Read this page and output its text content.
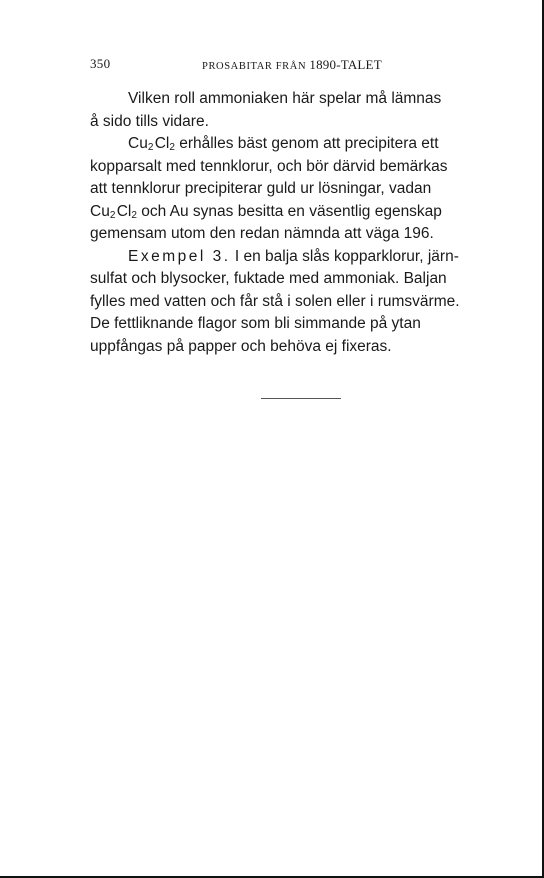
350	PROSABITAR FRÅN 1890-TALET

Vilken roll ammoniaken här spelar må lämnas
å sido tills vidare.

$Cu_2$ $Cl_2$ erhålles bäst genom att precipitera ett
kopparsalt med tennklorur, och bör därvid bemärkas
att tennklorur precipiterar guld ur lösningar, vadan
$Cu_2$ $Cl_2$ och Au synas besitta en väsentlig egenskap
gemensam utom den redan nämnda att väga 196.

Exempel 3. I en balja slås kopparklorur, järn-
sulfat och blysocker, fuktade med ammoniak. Baljan
fylles med vatten och får stå i solen eller i rumsvärme.
De fettliknande flagor som bli simmande på ytan
uppfångas på papper och behöva ej fixeras.
